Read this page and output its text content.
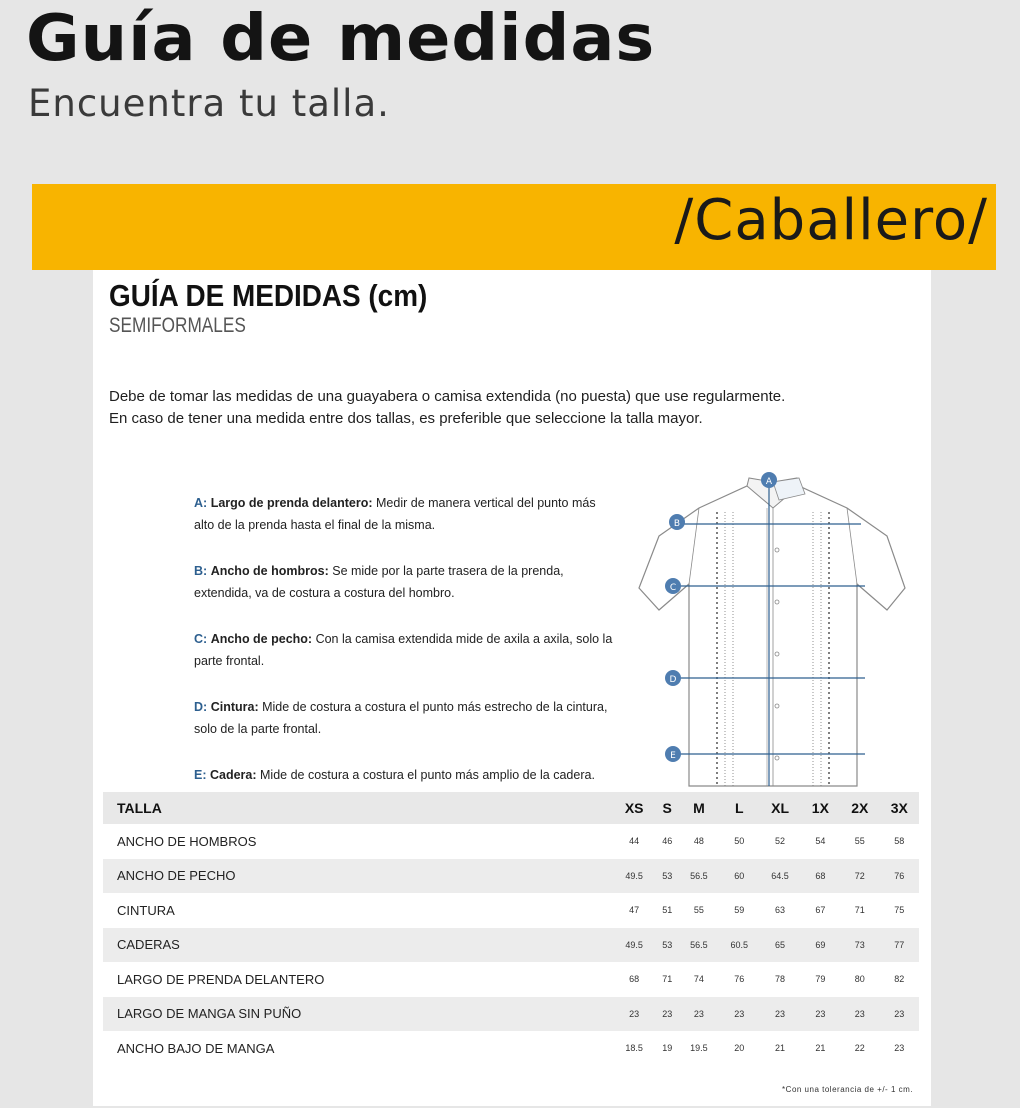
Guía de medidas
Encuentra tu talla.
/Caballero/
GUÍA DE MEDIDAS (cm)
SEMIFORMALES
Debe de tomar las medidas de una guayabera o camisa extendida (no puesta) que use regularmente.
En caso de tener una medida entre dos tallas, es preferible que seleccione la talla mayor.
A: Largo de prenda delantero: Medir de manera vertical del punto más alto de la prenda hasta el final de la misma.
B: Ancho de hombros: Se mide por la parte trasera de la prenda, extendida, va de costura a costura del hombro.
C: Ancho de pecho: Con la camisa extendida mide de axila a axila, solo la parte frontal.
D: Cintura: Mide de costura a costura el punto más estrecho de la cintura, solo de la parte frontal.
E: Cadera: Mide de costura a costura el punto más amplio de la cadera.
A
B
C
D
E
TALLA	XS	S	M	L	XL	1X	2X	3X
ANCHO DE HOMBROS	44	46	48	50	52	54	55	58
ANCHO DE PECHO	49.5	53	56.5	60	64.5	68	72	76
CINTURA	47	51	55	59	63	67	71	75
CADERAS	49.5	53	56.5	60.5	65	69	73	77
LARGO DE PRENDA DELANTERO	68	71	74	76	78	79	80	82
LARGO DE MANGA SIN PUÑO	23	23	23	23	23	23	23	23
ANCHO BAJO DE MANGA	18.5	19	19.5	20	21	21	22	23
*Con una tolerancia de +/- 1 cm.
